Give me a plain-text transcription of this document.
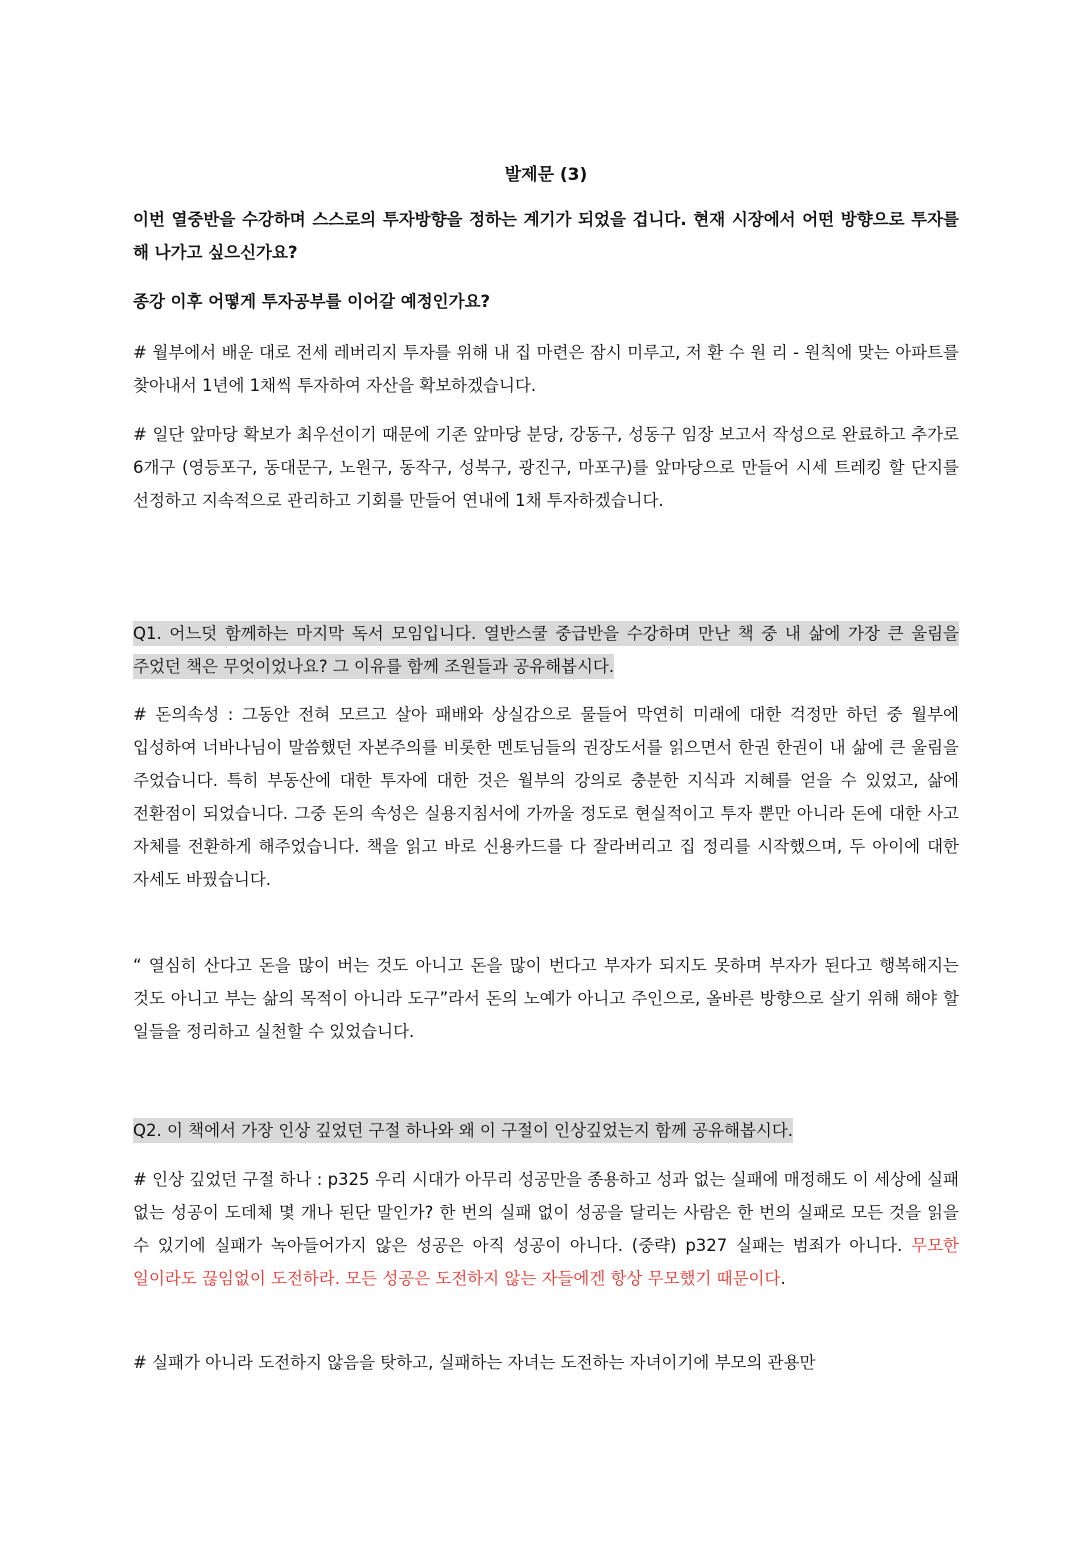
발제문 (3)
이번 열중반을 수강하며 스스로의 투자방향을 정하는 계기가 되었을 겁니다. 현재 시장에서 어떤 방향으로 투자를 해 나가고 싶으신가요?
종강 이후 어떻게 투자공부를 이어갈 예정인가요?
# 월부에서 배운 대로 전세 레버리지 투자를 위해 내 집 마련은 잠시 미루고, 저 환 수 원 리 - 원칙에 맞는 아파트를 찾아내서 1년에 1채씩 투자하여 자산을 확보하겠습니다.
# 일단 앞마당 확보가 최우선이기 때문에 기존 앞마당 분당, 강동구, 성동구 임장 보고서 작성으로 완료하고 추가로 6개구 (영등포구, 동대문구, 노원구, 동작구, 성북구, 광진구, 마포구)를 앞마당으로 만들어 시세 트레킹 할 단지를 선정하고 지속적으로 관리하고 기회를 만들어 연내에 1채 투자하겠습니다.
Q1. 어느덧 함께하는 마지막 독서 모임입니다. 열반스쿨 중급반을 수강하며 만난 책 중 내 삶에 가장 큰 울림을 주었던 책은 무엇이었나요? 그 이유를 함께 조원들과 공유해봅시다.
# 돈의속성 : 그동안 전혀 모르고 살아 패배와 상실감으로 물들어 막연히 미래에 대한 걱정만 하던 중 월부에 입성하여 너바나님이 말씀했던 자본주의를 비롯한 멘토님들의 권장도서를 읽으면서 한권 한권이 내 삶에 큰 울림을 주었습니다. 특히 부동산에 대한 투자에 대한 것은 월부의 강의로 충분한 지식과 지혜를 얻을 수 있었고, 삶에 전환점이 되었습니다. 그중 돈의 속성은 실용지침서에 가까울 정도로 현실적이고 투자 뿐만 아니라 돈에 대한 사고 자체를 전환하게 해주었습니다. 책을 읽고 바로 신용카드를 다 잘라버리고 집 정리를 시작했으며, 두 아이에 대한 자세도 바꿨습니다.
“ 열심히 산다고 돈을 많이 버는 것도 아니고 돈을 많이 번다고 부자가 되지도 못하며 부자가 된다고 행복해지는 것도 아니고 부는 삶의 목적이 아니라 도구”라서 돈의 노예가 아니고 주인으로, 올바른 방향으로 살기 위해 해야 할 일들을 정리하고 실천할 수 있었습니다.
Q2. 이 책에서 가장 인상 깊었던 구절 하나와 왜 이 구절이 인상깊었는지 함께 공유해봅시다.
# 인상 깊었던 구절 하나 : p325 우리 시대가 아무리 성공만을 종용하고 성과 없는 실패에 매정해도 이 세상에 실패 없는 성공이 도데체 몇 개나 된단 말인가? 한 번의 실패 없이 성공을 달리는 사람은 한 번의 실패로 모든 것을 읽을 수 있기에 실패가 녹아들어가지 않은 성공은 아직 성공이 아니다. (중략) p327 실패는 범죄가 아니다. 무모한 일이라도 끊임없이 도전하라. 모든 성공은 도전하지 않는 자들에겐 항상 무모했기 때문이다.
# 실패가 아니라 도전하지 않음을 탓하고, 실패하는 자녀는 도전하는 자녀이기에 부모의 관용만
